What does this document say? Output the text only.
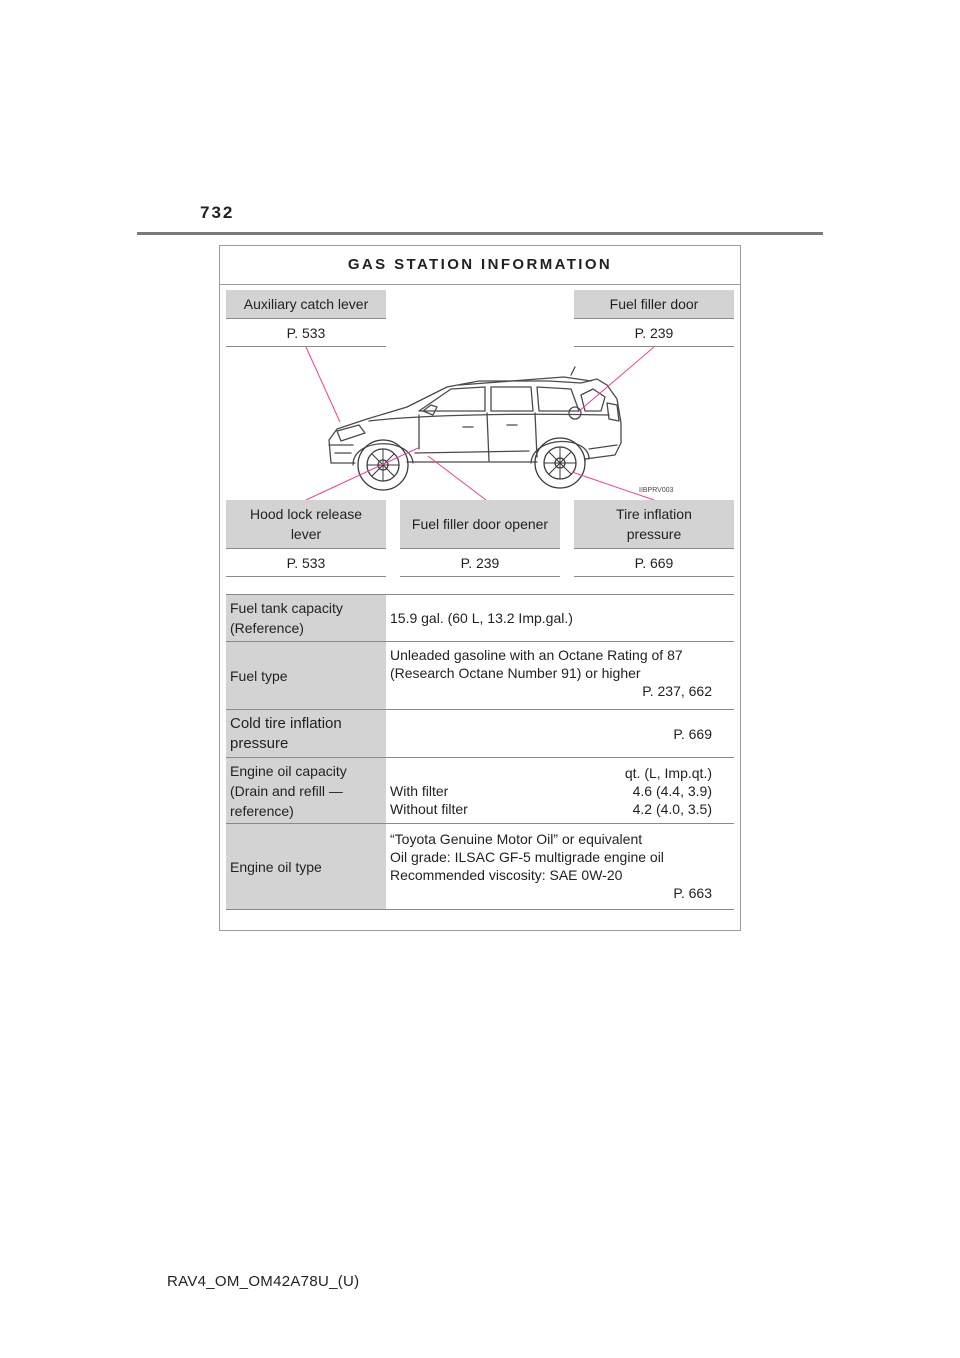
732
GAS STATION INFORMATION
Auxiliary catch lever
P. 533
Fuel filler door
P. 239
IIBPRV003
Hood lock release
lever
P. 533
Fuel filler door opener
P. 239
Tire inflation
pressure
P. 669
Fuel tank capacity
(Reference)
15.9 gal. (60 L, 13.2 Imp.gal.)
Fuel type
Unleaded gasoline with an Octane Rating of 87
(Research Octane Number 91) or higher
P. 237, 662
Cold tire inflation
pressure
P. 669
Engine oil capacity
(Drain and refill —
reference)
qt. (L, Imp.qt.)
With filter	4.6 (4.4, 3.9)
Without filter	4.2 (4.0, 3.5)
Engine oil type
“Toyota Genuine Motor Oil” or equivalent
Oil grade: ILSAC GF-5 multigrade engine oil
Recommended viscosity: SAE 0W-20
P. 663
RAV4_OM_OM42A78U_(U)
